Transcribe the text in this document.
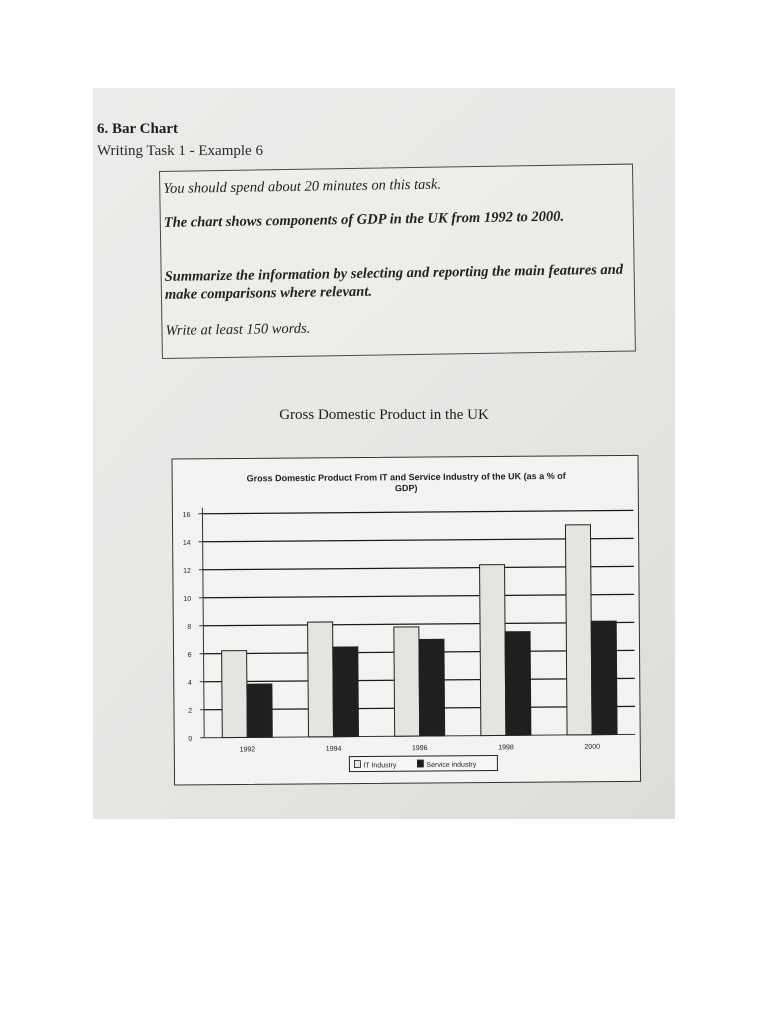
6. Bar Chart
Writing Task 1 - Example 6

You should spend about 20 minutes on this task.

The chart shows components of GDP in the UK from 1992 to 2000.

Summarize the information by selecting and reporting the main features and make comparisons where relevant.

Write at least 150 words.

Gross Domestic Product in the UK
Gross Domestic Product From IT and Service Industry of the UK (as a % of
GDP)
0
2
4
6
8
10
12
14
16
1992	1994	1996	1998	2000
IT Industry	Service industry
